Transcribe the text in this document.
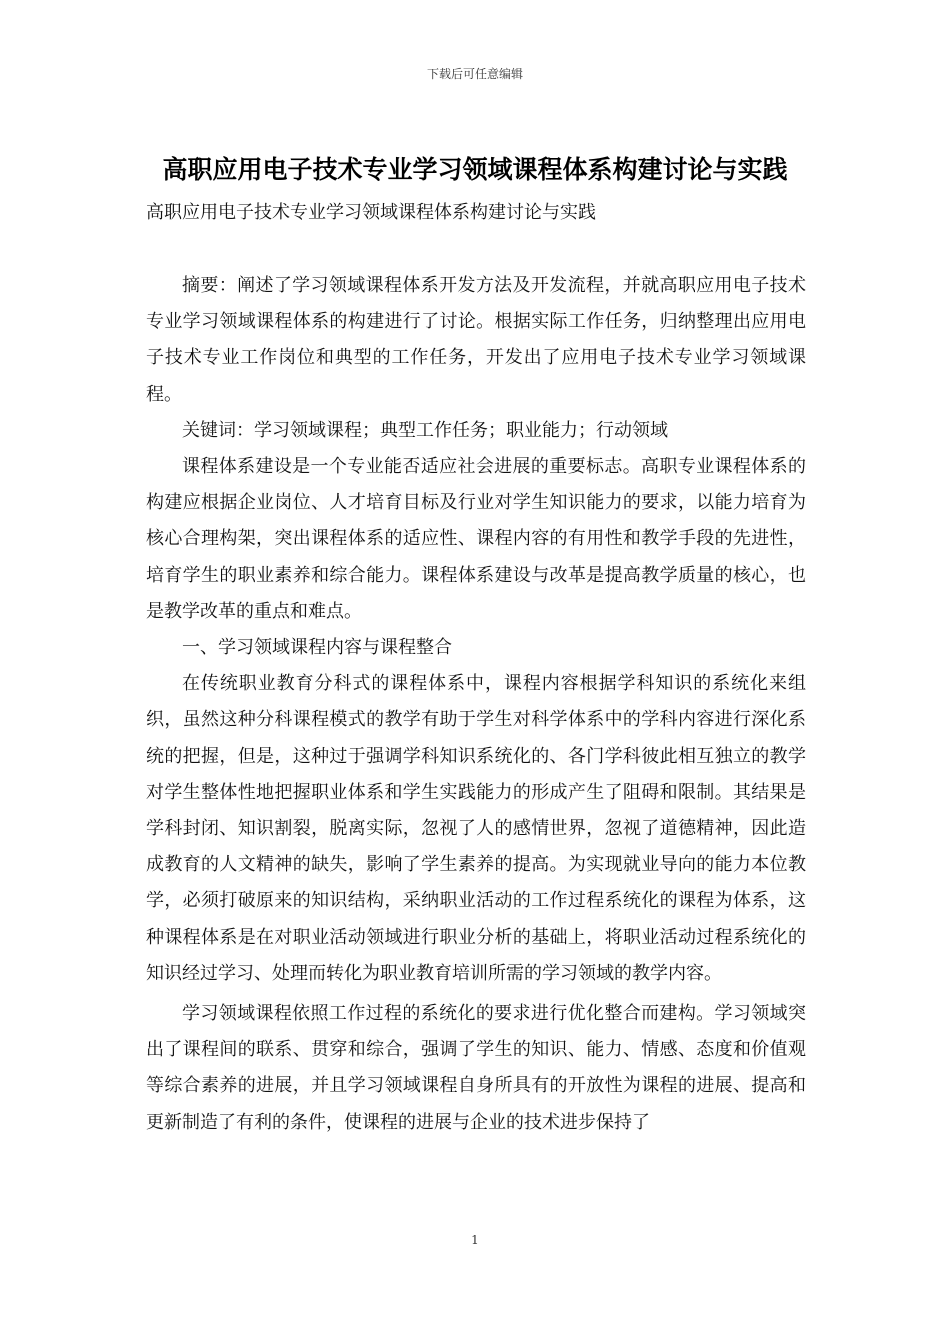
下载后可任意编辑
高职应用电子技术专业学习领域课程体系构建讨论与实践
高职应用电子技术专业学习领域课程体系构建讨论与实践

摘要：阐述了学习领域课程体系开发方法及开发流程，并就高职应用电子技术专业学习领域课程体系的构建进行了讨论。根据实际工作任务，归纳整理出应用电子技术专业工作岗位和典型的工作任务，开发出了应用电子技术专业学习领域课程。

关键词：学习领域课程；典型工作任务；职业能力；行动领域

课程体系建设是一个专业能否适应社会进展的重要标志。高职专业课程体系的构建应根据企业岗位、人才培育目标及行业对学生知识能力的要求，以能力培育为核心合理构架，突出课程体系的适应性、课程内容的有用性和教学手段的先进性，培育学生的职业素养和综合能力。课程体系建设与改革是提高教学质量的核心，也是教学改革的重点和难点。

一、学习领域课程内容与课程整合

在传统职业教育分科式的课程体系中，课程内容根据学科知识的系统化来组织，虽然这种分科课程模式的教学有助于学生对科学体系中的学科内容进行深化系统的把握，但是，这种过于强调学科知识系统化的、各门学科彼此相互独立的教学对学生整体性地把握职业体系和学生实践能力的形成产生了阻碍和限制。其结果是学科封闭、知识割裂，脱离实际，忽视了人的感情世界，忽视了道德精神，因此造成教育的人文精神的缺失，影响了学生素养的提高。为实现就业导向的能力本位教学，必须打破原来的知识结构，采纳职业活动的工作过程系统化的课程为体系，这种课程体系是在对职业活动领域进行职业分析的基础上，将职业活动过程系统化的知识经过学习、处理而转化为职业教育培训所需的学习领域的教学内容。

学习领域课程依照工作过程的系统化的要求进行优化整合而建构。学习领域突出了课程间的联系、贯穿和综合，强调了学生的知识、能力、情感、态度和价值观等综合素养的进展，并且学习领域课程自身所具有的开放性为课程的进展、提高和更新制造了有利的条件，使课程的进展与企业的技术进步保持了

1
